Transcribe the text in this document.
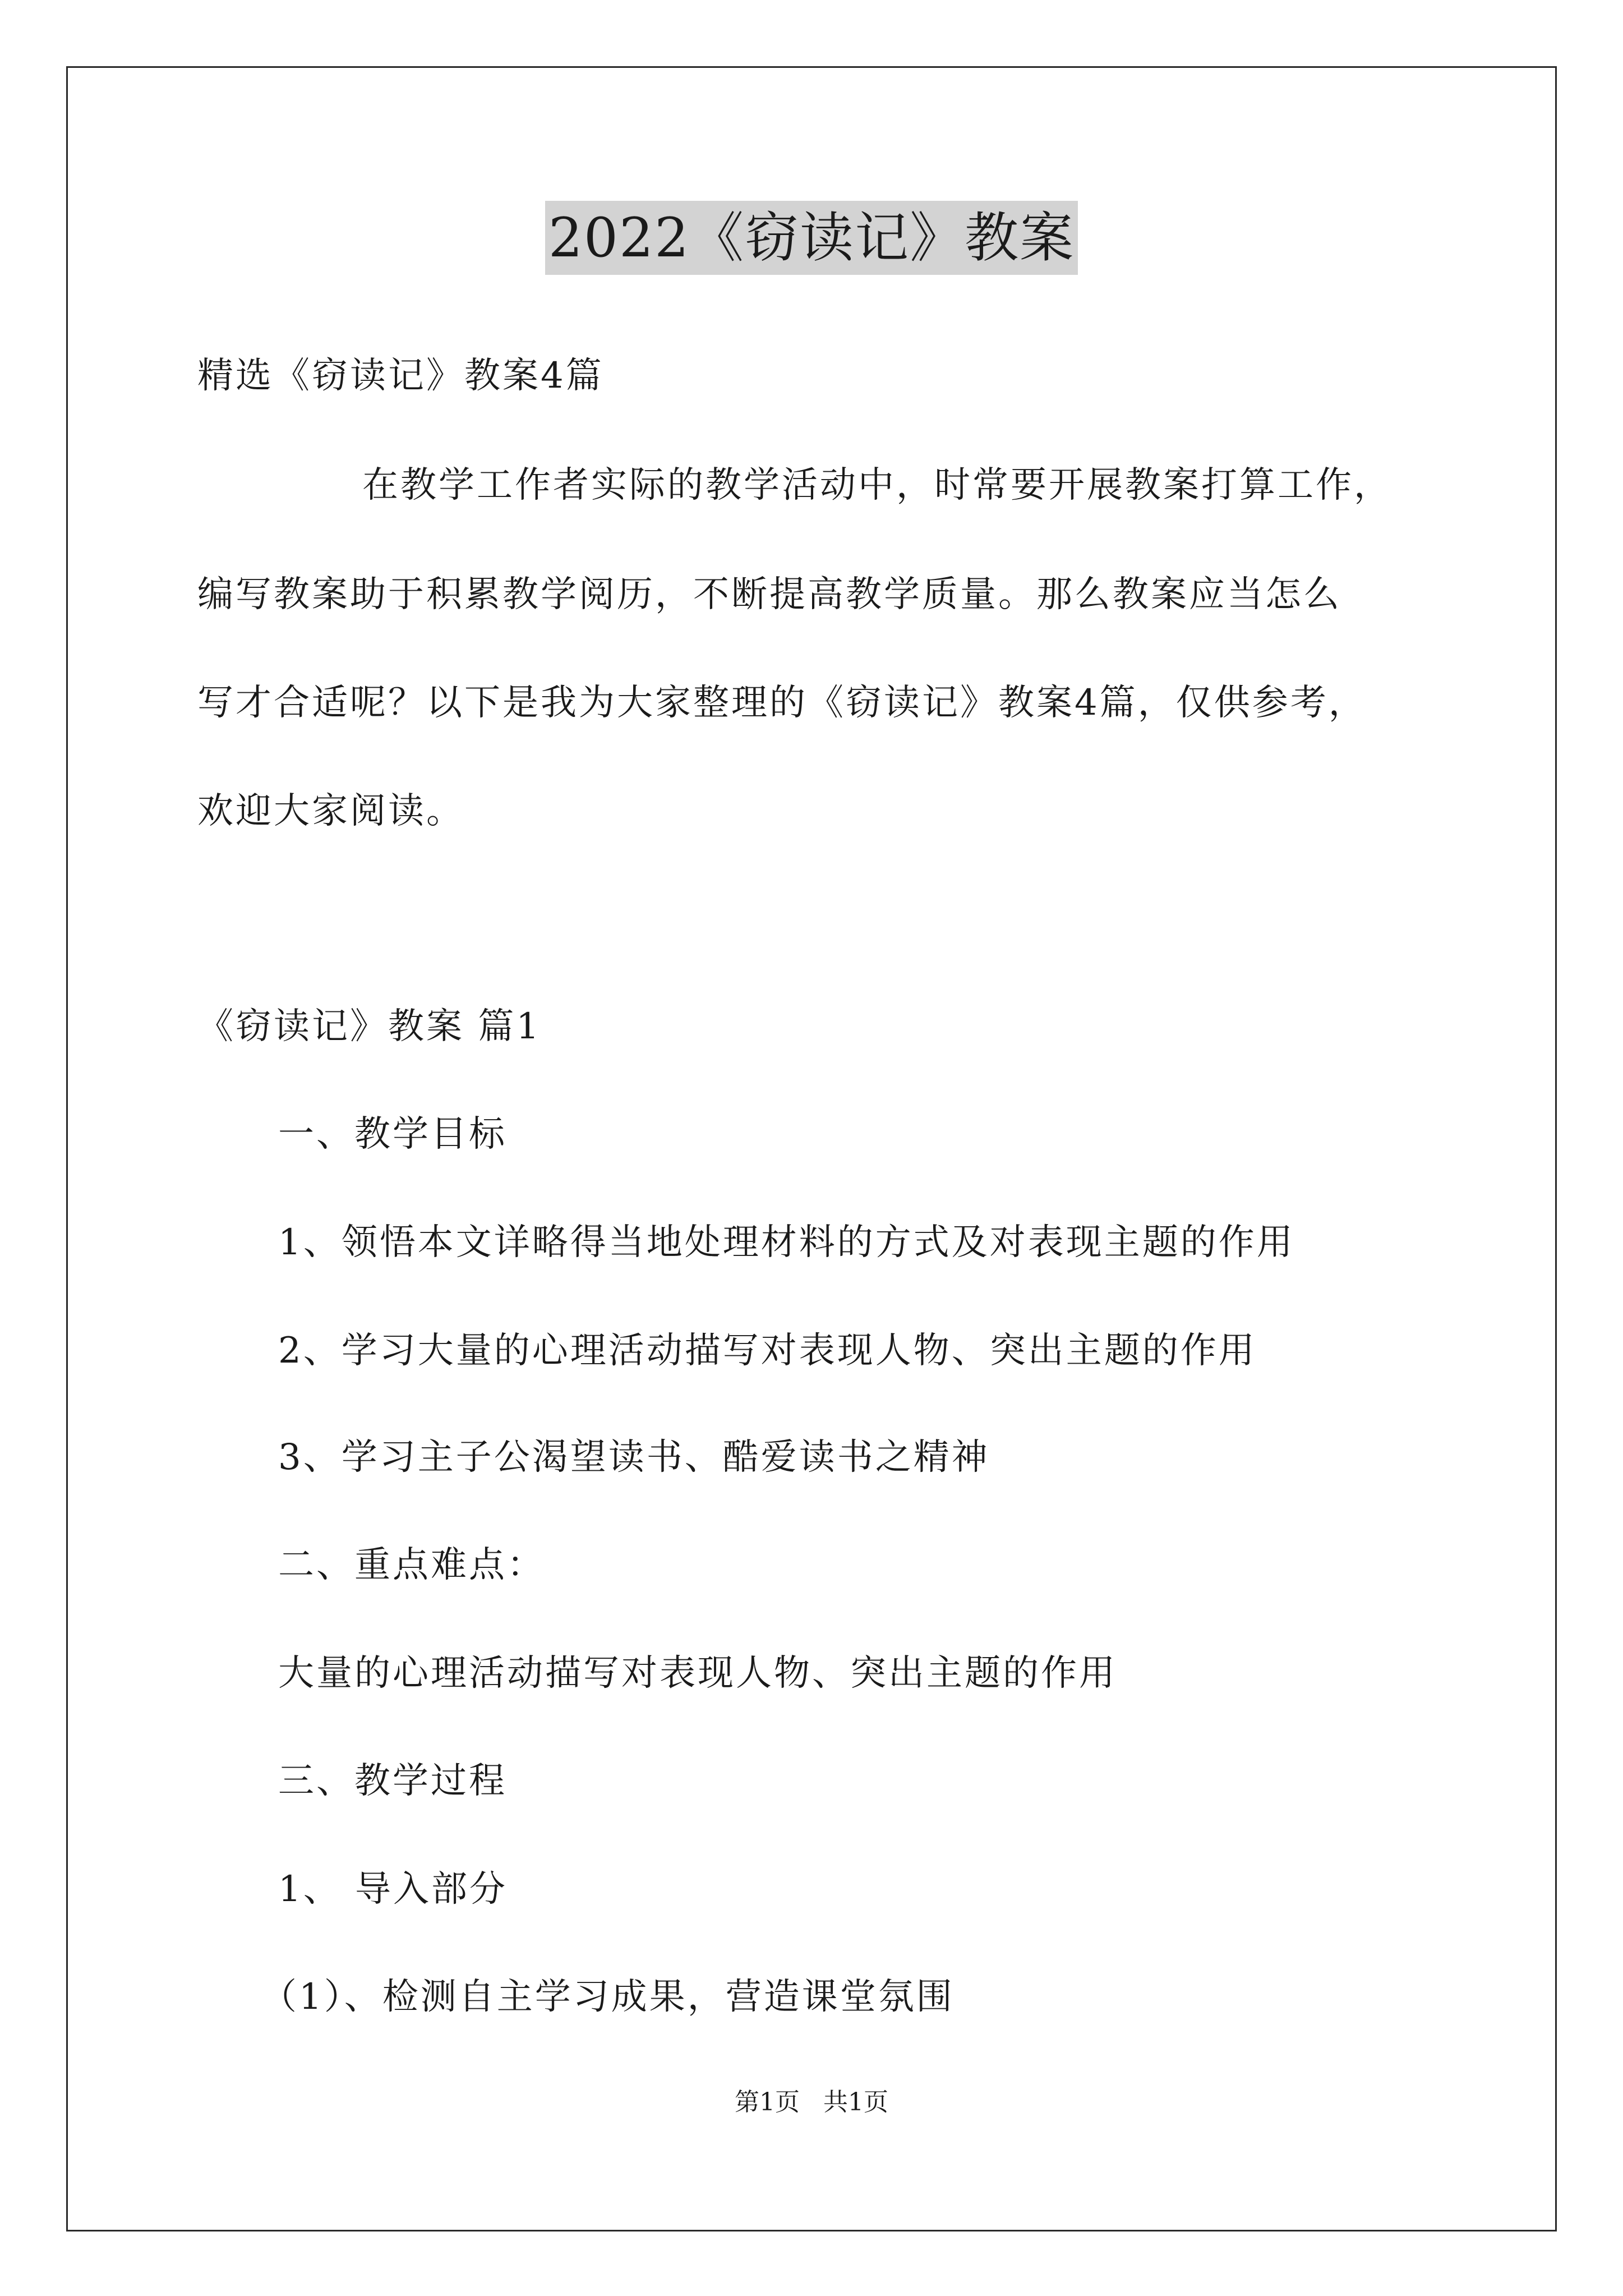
2022《窃读记》教案
精选《窃读记》教案4篇
在教学工作者实际的教学活动中，时常要开展教案打算工作，
编写教案助于积累教学阅历，不断提高教学质量。那么教案应当怎么
写才合适呢？以下是我为大家整理的《窃读记》教案4篇，仅供参考，
欢迎大家阅读。
《窃读记》教案 篇1
一、教学目标
1、领悟本文详略得当地处理材料的方式及对表现主题的作用
2、学习大量的心理活动描写对表现人物、突出主题的作用
3、学习主子公渴望读书、酷爱读书之精神
二、重点难点：
大量的心理活动描写对表现人物、突出主题的作用
三、教学过程
1、 导入部分
（1）、检测自主学习成果，营造课堂氛围
第1页   共1页
